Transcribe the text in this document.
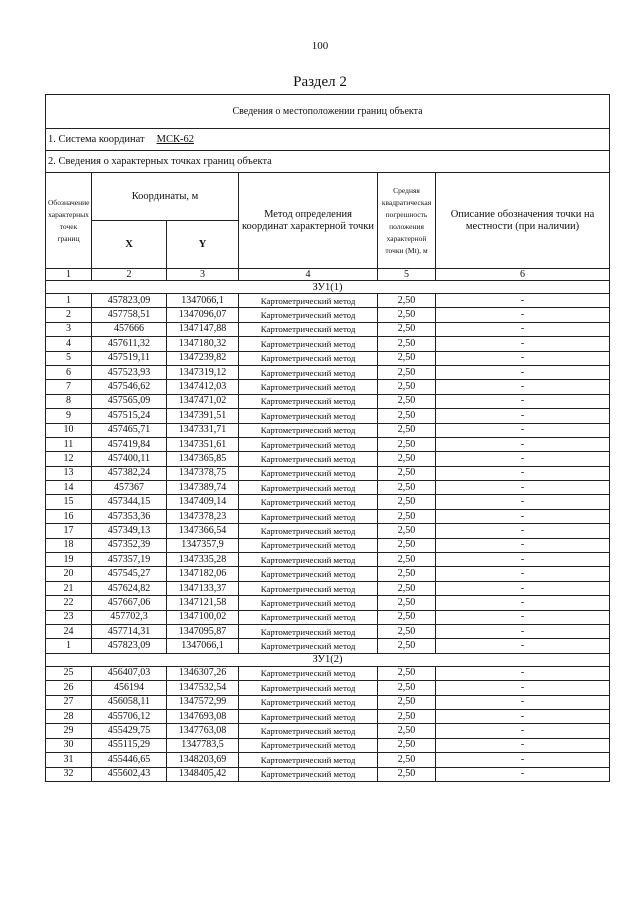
100
Раздел 2
Сведения о местоположении границ объекта					
1. Система координат МСК-62					
2. Сведения о характерных точках границ объекта					
Обозначение характерных точек границ	Координаты, м		Метод определения координат характерной точки	Средняя квадратическая погрешность положения характерной точки (Mt), м	Описание обозначения точки на местности (при наличии)
	X	Y			
1	2	3	4	5	6
ЗУ1(1)					
1	457823,09	1347066,1	Картометрический метод	2,50	-
2	457758,51	1347096,07	Картометрический метод	2,50	-
3	457666	1347147,88	Картометрический метод	2,50	-
4	457611,32	1347180,32	Картометрический метод	2,50	-
5	457519,11	1347239,82	Картометрический метод	2,50	-
6	457523,93	1347319,12	Картометрический метод	2,50	-
7	457546,62	1347412,03	Картометрический метод	2,50	-
8	457565,09	1347471,02	Картометрический метод	2,50	-
9	457515,24	1347391,51	Картометрический метод	2,50	-
10	457465,71	1347331,71	Картометрический метод	2,50	-
11	457419,84	1347351,61	Картометрический метод	2,50	-
12	457400,11	1347365,85	Картометрический метод	2,50	-
13	457382,24	1347378,75	Картометрический метод	2,50	-
14	457367	1347389,74	Картометрический метод	2,50	-
15	457344,15	1347409,14	Картометрический метод	2,50	-
16	457353,36	1347378,23	Картометрический метод	2,50	-
17	457349,13	1347366,54	Картометрический метод	2,50	-
18	457352,39	1347357,9	Картометрический метод	2,50	-
19	457357,19	1347335,28	Картометрический метод	2,50	-
20	457545,27	1347182,06	Картометрический метод	2,50	-
21	457624,82	1347133,37	Картометрический метод	2,50	-
22	457667,06	1347121,58	Картометрический метод	2,50	-
23	457702,3	1347100,02	Картометрический метод	2,50	-
24	457714,31	1347095,87	Картометрический метод	2,50	-
1	457823,09	1347066,1	Картометрический метод	2,50	-
ЗУ1(2)					
25	456407,03	1346307,26	Картометрический метод	2,50	-
26	456194	1347532,54	Картометрический метод	2,50	-
27	456058,11	1347572,99	Картометрический метод	2,50	-
28	455706,12	1347693,08	Картометрический метод	2,50	-
29	455429,75	1347763,08	Картометрический метод	2,50	-
30	455115,29	1347783,5	Картометрический метод	2,50	-
31	455446,65	1348203,69	Картометрический метод	2,50	-
32	455602,43	1348405,42	Картометрический метод	2,50	-
